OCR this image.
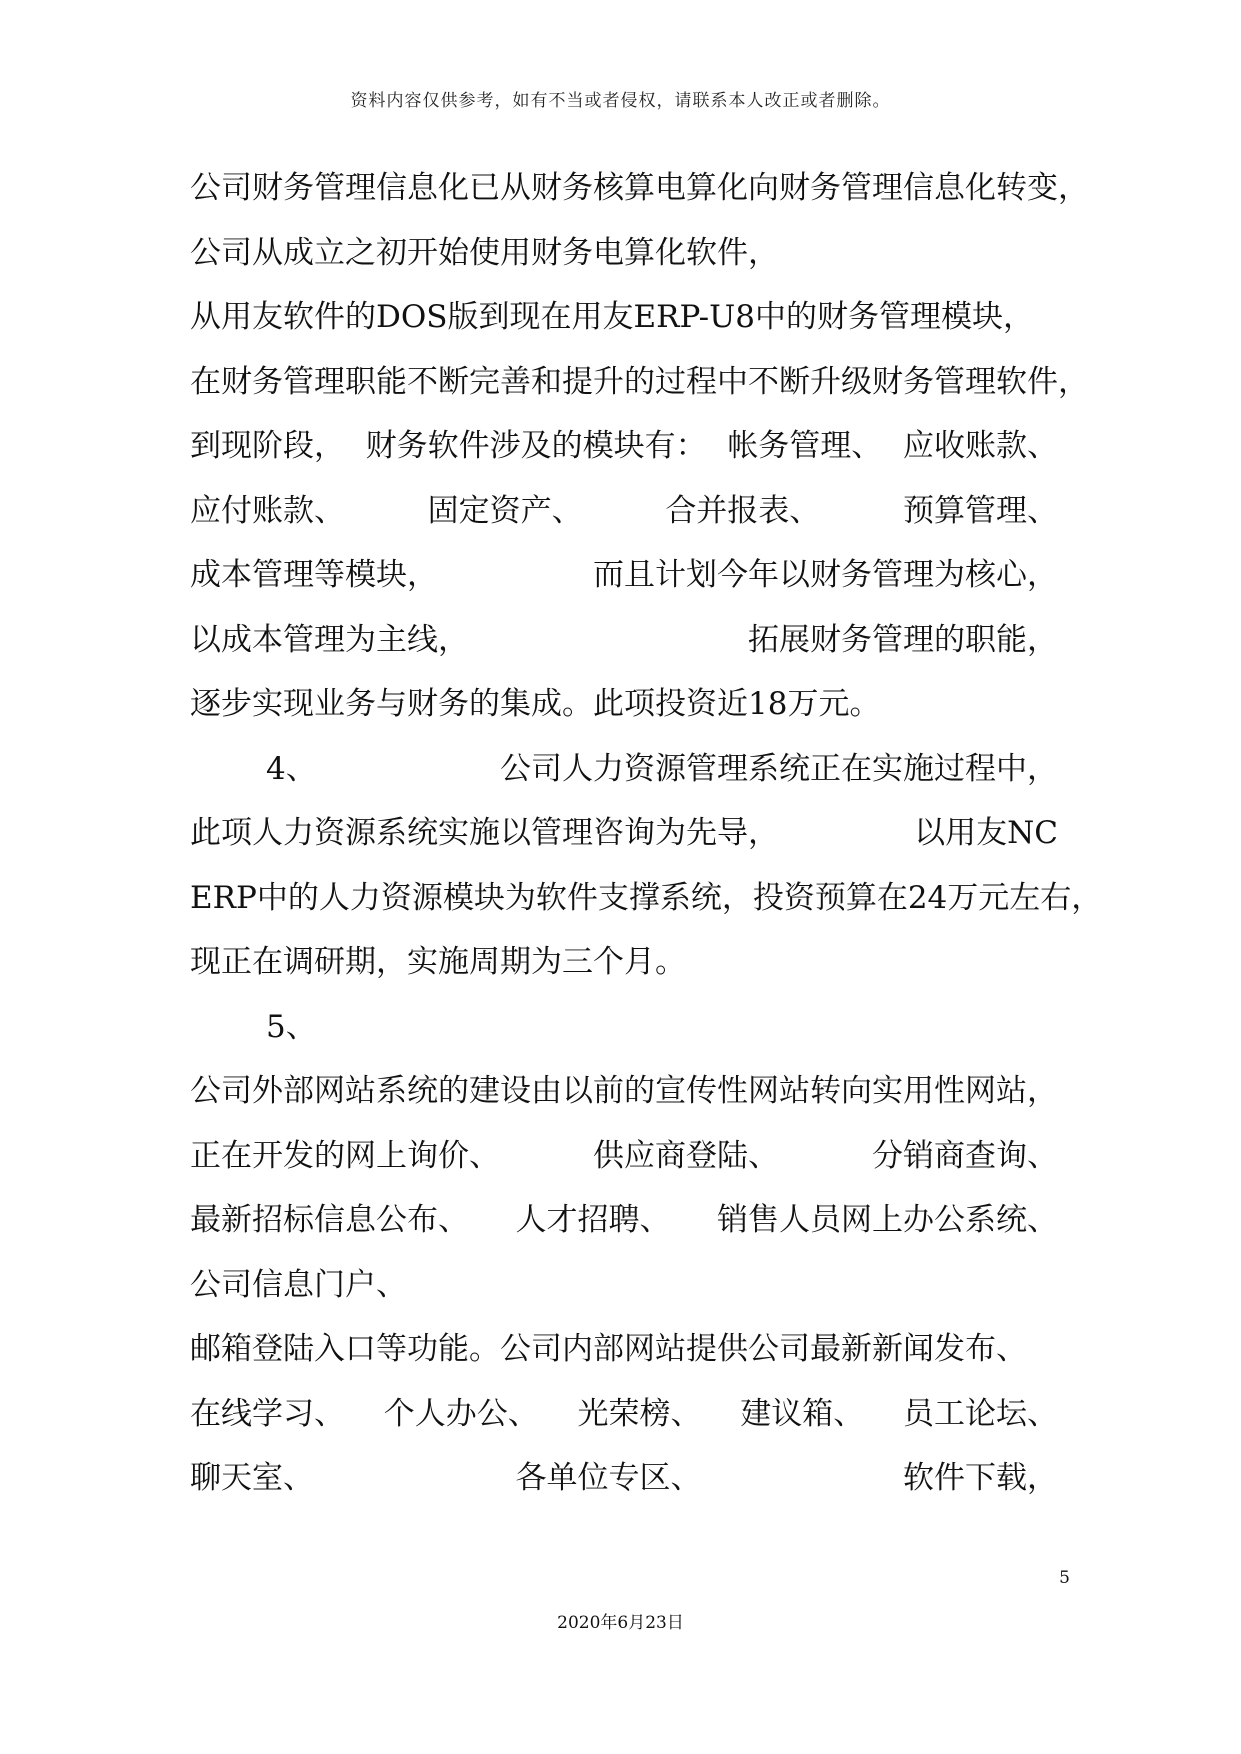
资料内容仅供参考，如有不当或者侵权，请联系本人改正或者删除。
公司财务管理信息化已从财务核算电算化向财务管理信息化转变，
公司从成立之初开始使用财务电算化软件，
从用友软件的DOS版到现在用友ERP-U8中的财务管理模块，
在财务管理职能不断完善和提升的过程中不断升级财务管理软件，
到现阶段， 财务软件涉及的模块有： 帐务管理、 应收账款、
应付账款、	固定资产、	合并报表、	预算管理、
成本管理等模块，	而且计划今年以财务管理为核心，
以成本管理为主线，	拓展财务管理的职能，
逐步实现业务与财务的集成。此项投资近18万元。
4、	公司人力资源管理系统正在实施过程中，
此项人力资源系统实施以管理咨询为先导，	以用友NC
ERP中的人力资源模块为软件支撑系统， 投资预算在24万元左右，
现正在调研期，实施周期为三个月。
5、
公司外部网站系统的建设由以前的宣传性网站转向实用性网站，
正在开发的网上询价、	供应商登陆、	分销商查询、
最新招标信息公布、 人才招聘、 销售人员网上办公系统、
公司信息门户、
邮箱登陆入口等功能。公司内部网站提供公司最新新闻发布、
在线学习、 个人办公、 光荣榜、 建议箱、 员工论坛、
聊天室、	各单位专区、	软件下载，
5
2020年6月23日
